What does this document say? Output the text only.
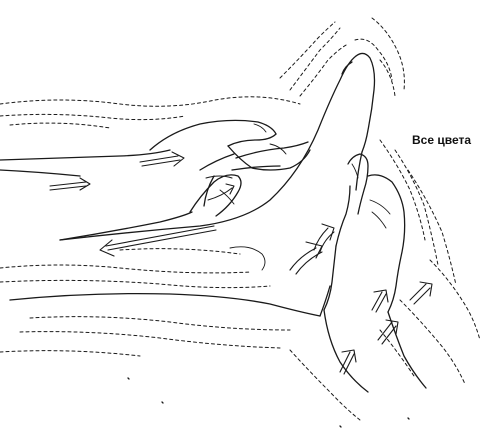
Все цвета
